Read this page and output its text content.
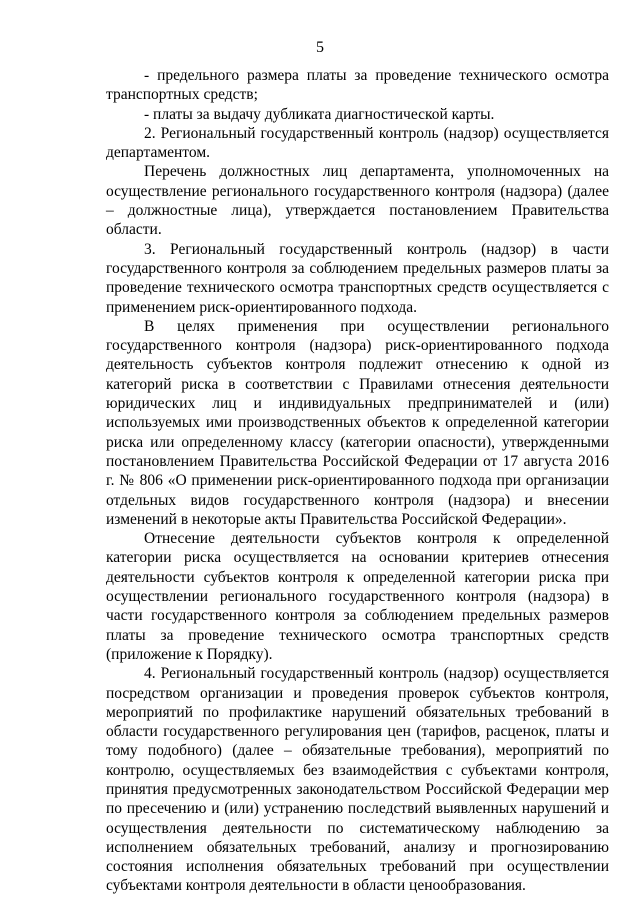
5

- предельного размера платы за проведение технического осмотра транспортных средств;

- платы за выдачу дубликата диагностической карты.

2. Региональный государственный контроль (надзор) осуществляется департаментом.

Перечень должностных лиц департамента, уполномоченных на осуществление регионального государственного контроля (надзора) (далее – должностные лица), утверждается постановлением Правительства области.

3. Региональный государственный контроль (надзор) в части государственного контроля за соблюдением предельных размеров платы за проведение технического осмотра транспортных средств осуществляется с применением риск-ориентированного подхода.

В целях применения при осуществлении регионального государственного контроля (надзора) риск-ориентированного подхода деятельность субъектов контроля подлежит отнесению к одной из категорий риска в соответствии с Правилами отнесения деятельности юридических лиц и индивидуальных предпринимателей и (или) используемых ими производственных объектов к определенной категории риска или определенному классу (категории опасности), утвержденными постановлением Правительства Российской Федерации от 17 августа 2016 г. № 806 «О применении риск-ориентированного подхода при организации отдельных видов государственного контроля (надзора) и внесении изменений в некоторые акты Правительства Российской Федерации».

Отнесение деятельности субъектов контроля к определенной категории риска осуществляется на основании критериев отнесения деятельности субъектов контроля к определенной категории риска при осуществлении регионального государственного контроля (надзора) в части государственного контроля за соблюдением предельных размеров платы за проведение технического осмотра транспортных средств (приложение к Порядку).

4. Региональный государственный контроль (надзор) осуществляется посредством организации и проведения проверок субъектов контроля, мероприятий по профилактике нарушений обязательных требований в области государственного регулирования цен (тарифов, расценок, платы и тому подобного) (далее – обязательные требования), мероприятий по контролю, осуществляемых без взаимодействия с субъектами контроля, принятия предусмотренных законодательством Российской Федерации мер по пресечению и (или) устранению последствий выявленных нарушений и осуществления деятельности по систематическому наблюдению за исполнением обязательных требований, анализу и прогнозированию состояния исполнения обязательных требований при осуществлении субъектами контроля деятельности в области ценообразования.
